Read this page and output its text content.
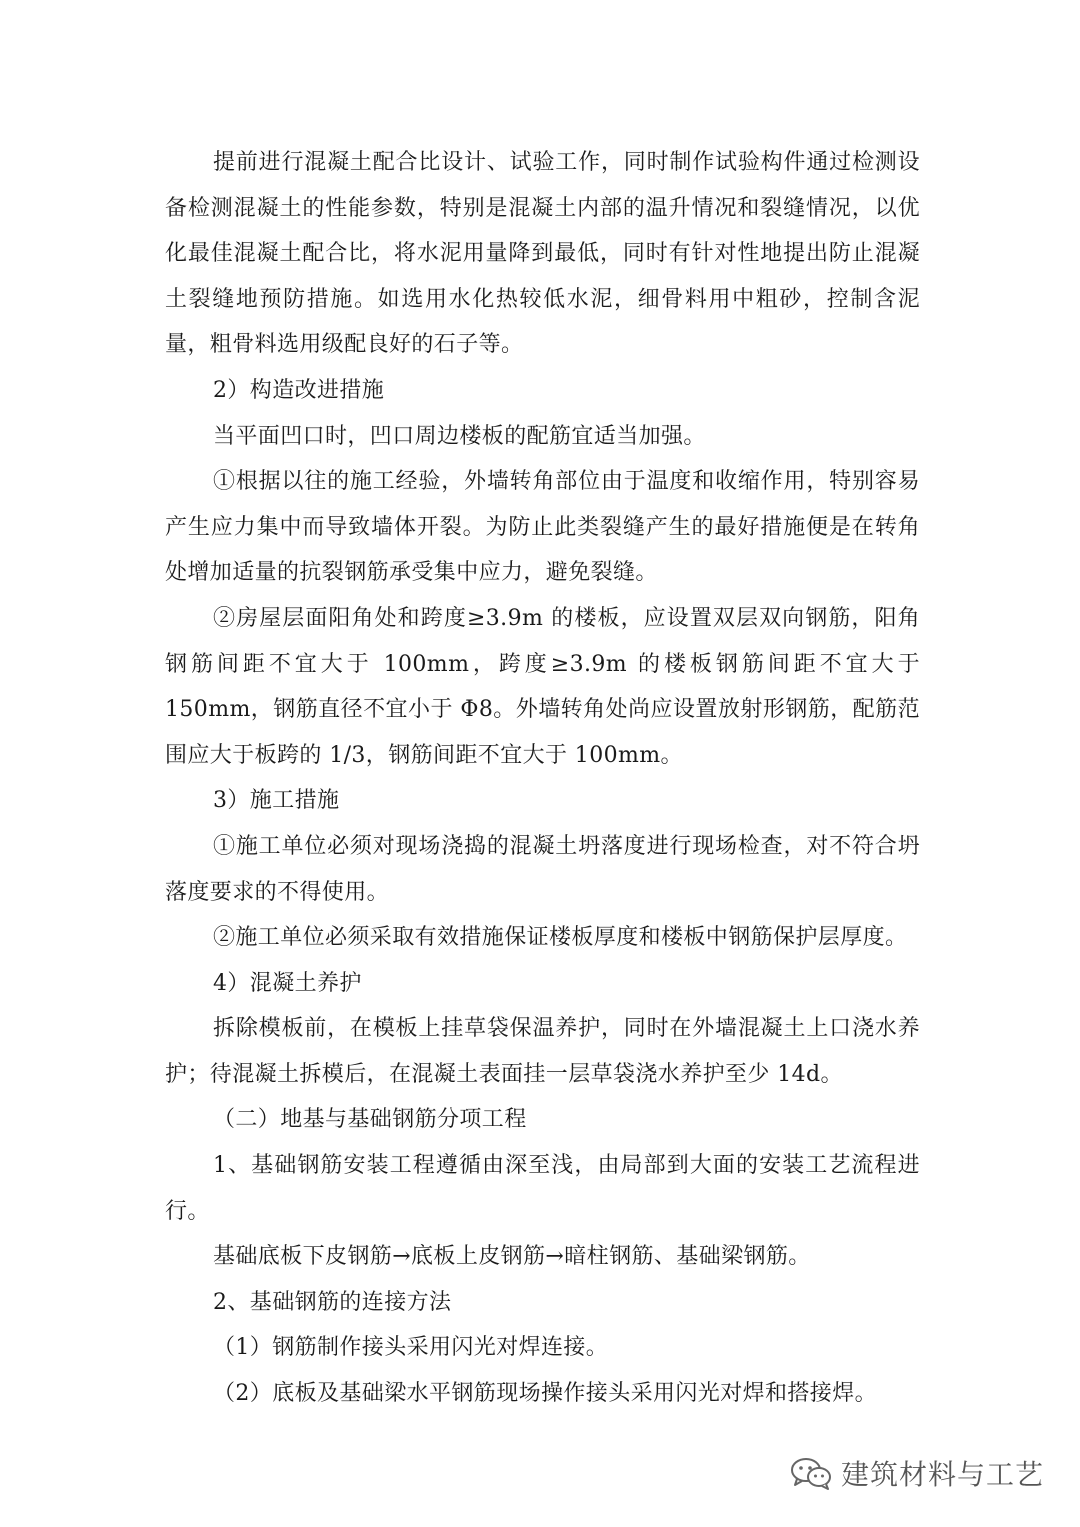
提前进行混凝土配合比设计、试验工作，同时制作试验构件通过检测设备检测混凝土的性能参数，特别是混凝土内部的温升情况和裂缝情况，以优化最佳混凝土配合比，将水泥用量降到最低，同时有针对性地提出防止混凝土裂缝地预防措施。如选用水化热较低水泥，细骨料用中粗砂，控制含泥量，粗骨料选用级配良好的石子等。

2）构造改进措施

当平面凹口时，凹口周边楼板的配筋宜适当加强。

①根据以往的施工经验，外墙转角部位由于温度和收缩作用，特别容易产生应力集中而导致墙体开裂。为防止此类裂缝产生的最好措施便是在转角处增加适量的抗裂钢筋承受集中应力，避免裂缝。

②房屋层面阳角处和跨度≥3.9m 的楼板，应设置双层双向钢筋，阳角钢筋间距不宜大于 100mm，跨度≥3.9m 的楼板钢筋间距不宜大于 150mm，钢筋直径不宜小于 Φ8。外墙转角处尚应设置放射形钢筋，配筋范围应大于板跨的 1/3，钢筋间距不宜大于 100mm。

3）施工措施

①施工单位必须对现场浇捣的混凝土坍落度进行现场检查，对不符合坍落度要求的不得使用。

②施工单位必须采取有效措施保证楼板厚度和楼板中钢筋保护层厚度。

4）混凝土养护

拆除模板前，在模板上挂草袋保温养护，同时在外墙混凝土上口浇水养护；待混凝土拆模后，在混凝土表面挂一层草袋浇水养护至少 14d。

（二）地基与基础钢筋分项工程

1、基础钢筋安装工程遵循由深至浅，由局部到大面的安装工艺流程进行。

基础底板下皮钢筋→底板上皮钢筋→暗柱钢筋、基础梁钢筋。

2、基础钢筋的连接方法

（1）钢筋制作接头采用闪光对焊连接。

（2）底板及基础梁水平钢筋现场操作接头采用闪光对焊和搭接焊。

建筑材料与工艺
